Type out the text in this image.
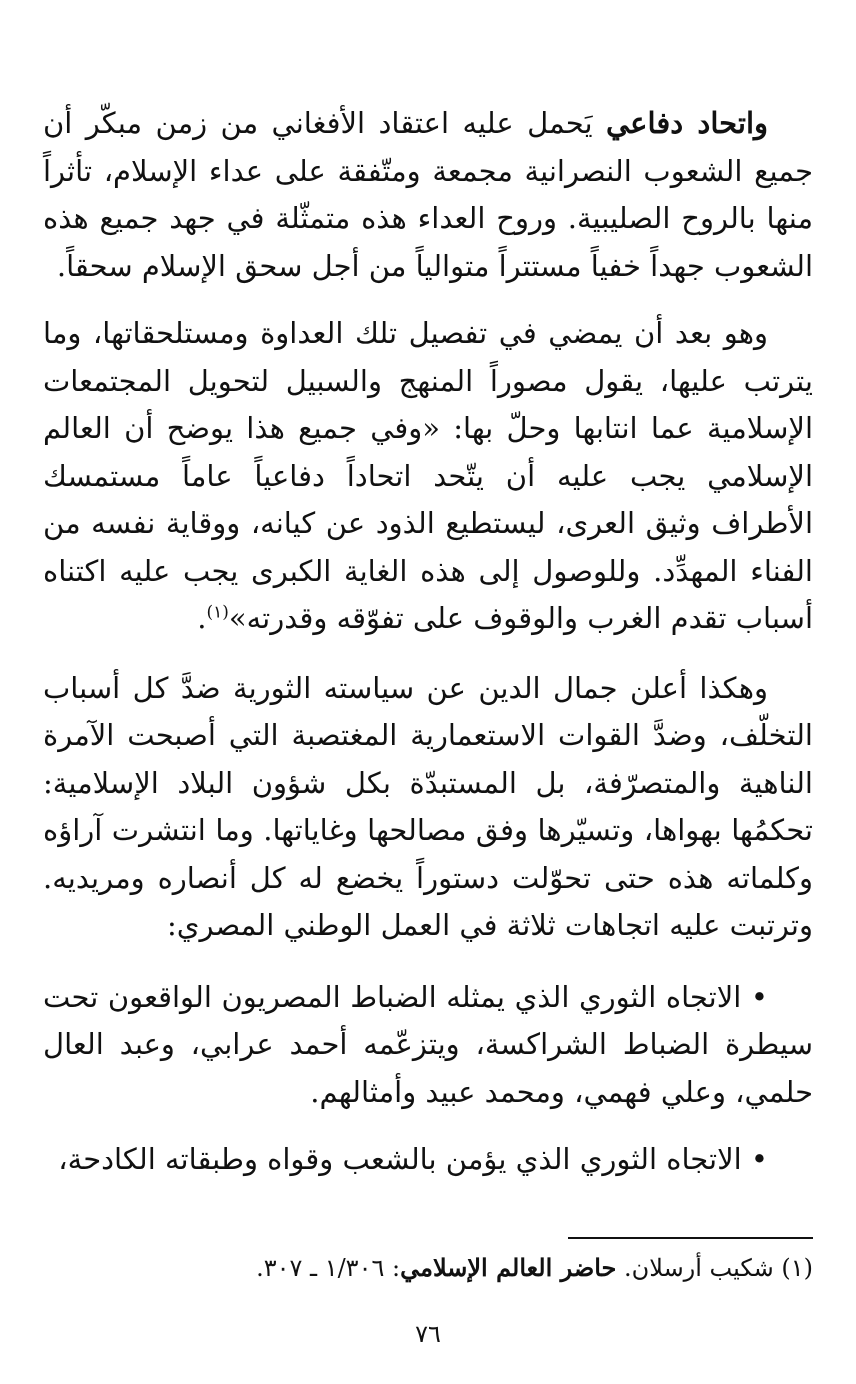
واتحاد دفاعي يَحمل عليه اعتقاد الأفغاني من زمن مبكّر أن جميع الشعوب النصرانية مجمعة ومتّفقة على عداء الإسلام، تأثراً منها بالروح الصليبية. وروح العداء هذه متمثّلة في جهد جميع هذه الشعوب جهداً خفياً مستتراً متوالياً من أجل سحق الإسلام سحقاً.

وهو بعد أن يمضي في تفصيل تلك العداوة ومستلحقاتها، وما يترتب عليها، يقول مصوراً المنهج والسبيل لتحويل المجتمعات الإسلامية عما انتابها وحلّ بها: «وفي جميع هذا يوضح أن العالم الإسلامي يجب عليه أن يتّحد اتحاداً دفاعياً عاماً مستمسك الأطراف وثيق العرى، ليستطيع الذود عن كيانه، ووقاية نفسه من الفناء المهدِّد. وللوصول إلى هذه الغاية الكبرى يجب عليه اكتناه أسباب تقدم الغرب والوقوف على تفوّقه وقدرته»$^{(١)}$.

وهكذا أعلن جمال الدين عن سياسته الثورية ضدَّ كل أسباب التخلّف، وضدَّ القوات الاستعمارية المغتصبة التي أصبحت الآمرة الناهية والمتصرّفة، بل المستبدّة بكل شؤون البلاد الإسلامية: تحكمُها بهواها، وتسيّرها وفق مصالحها وغاياتها. وما انتشرت آراؤه وكلماته هذه حتى تحوّلت دستوراً يخضع له كل أنصاره ومريديه. وترتبت عليه اتجاهات ثلاثة في العمل الوطني المصري:

• الاتجاه الثوري الذي يمثله الضباط المصريون الواقعون تحت سيطرة الضباط الشراكسة، ويتزعّمه أحمد عرابي، وعبد العال حلمي، وعلي فهمي، ومحمد عبيد وأمثالهم.

• الاتجاه الثوري الذي يؤمن بالشعب وقواه وطبقاته الكادحة،

(١) شكيب أرسلان. حاضر العالم الإسلامي: ١/٣٠٦ ـ ٣٠٧.

٧٦
